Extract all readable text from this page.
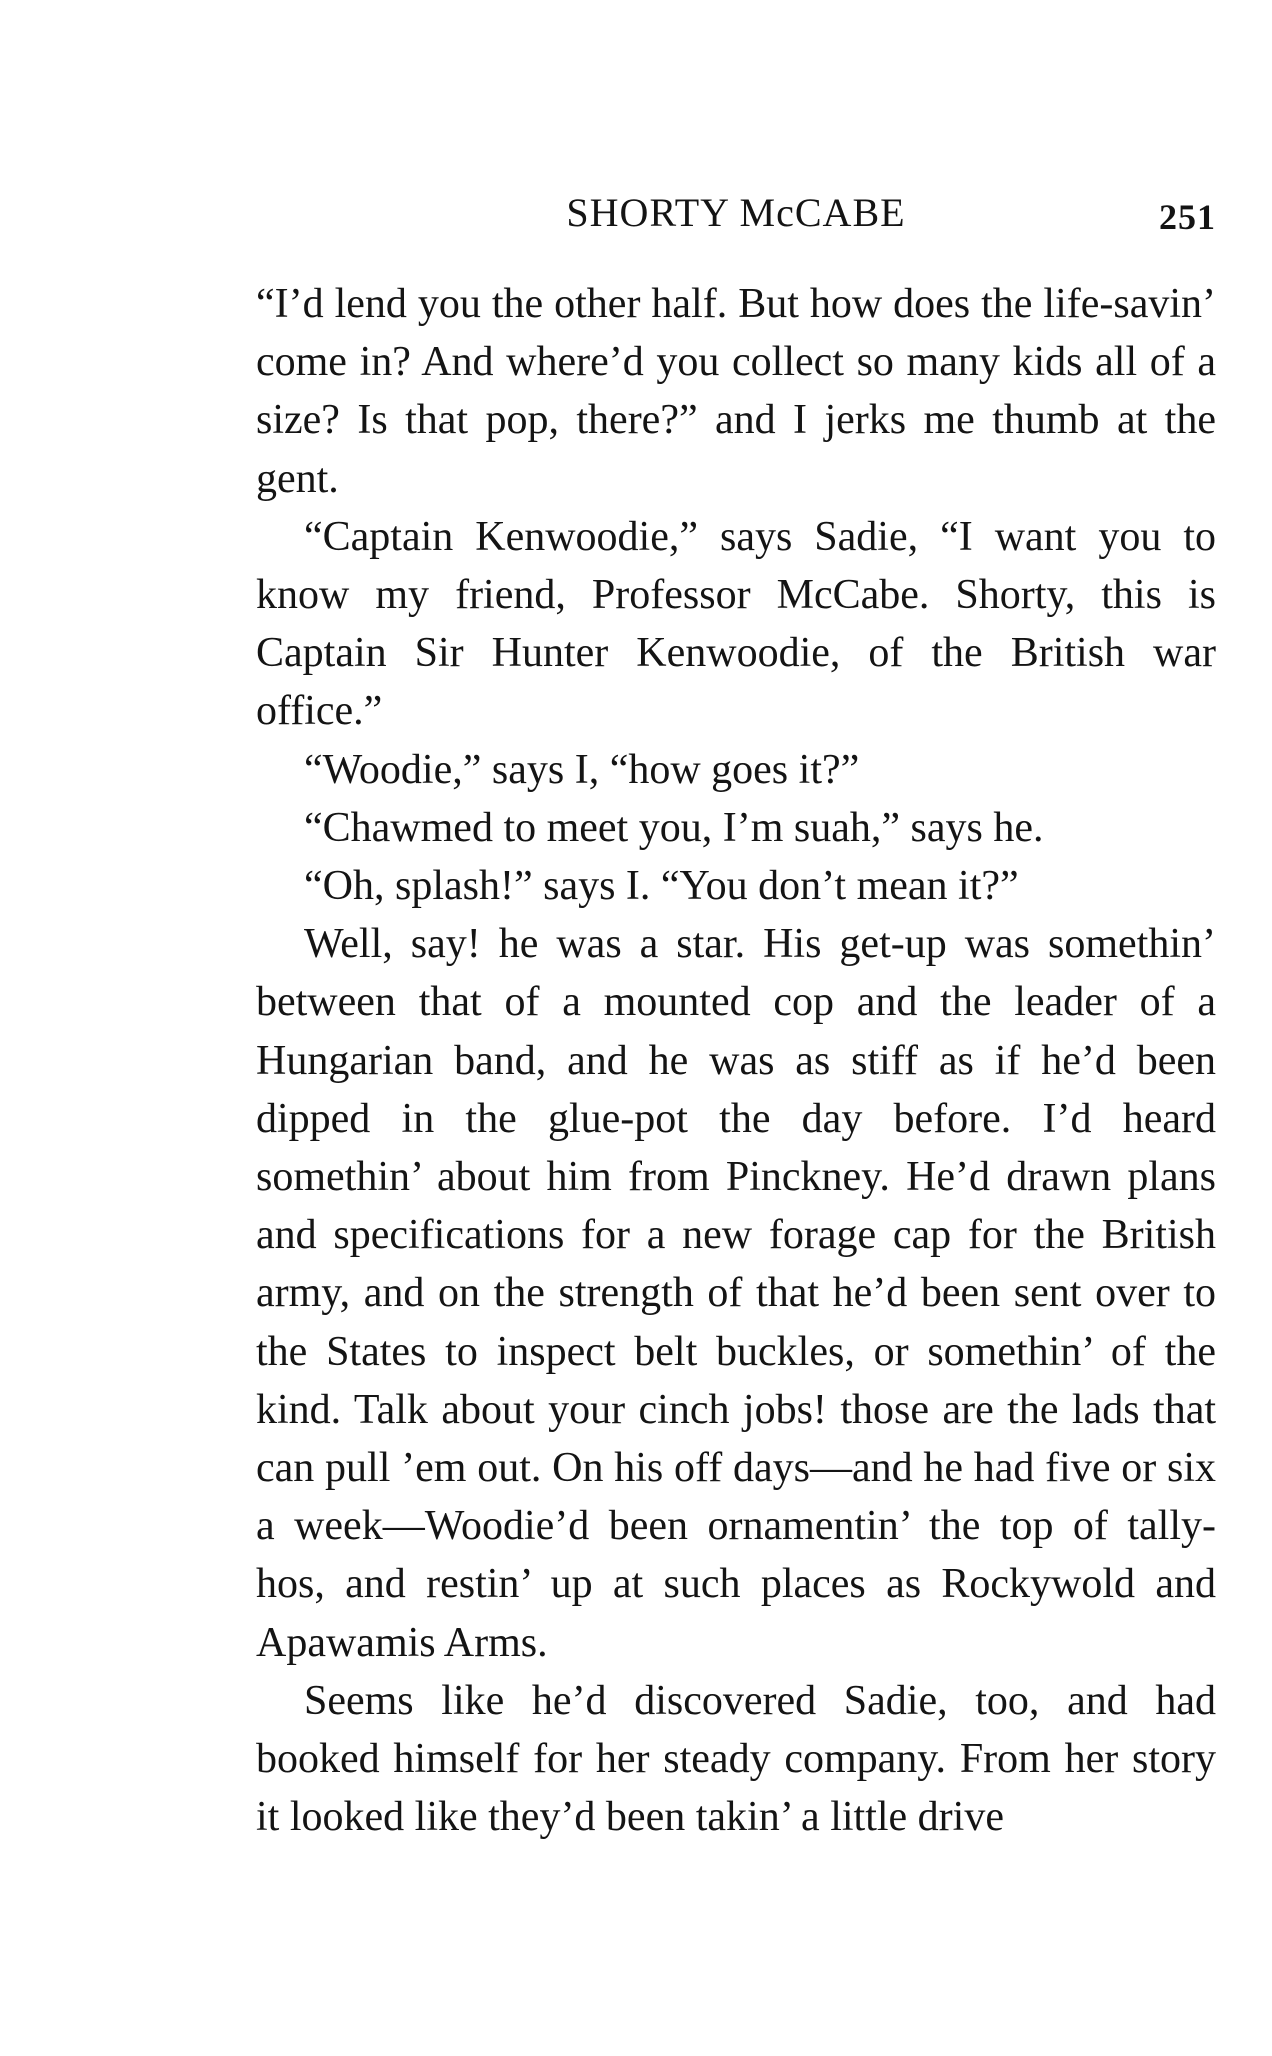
SHORTY McCABE	251

“I’d lend you the other half. But how does the life-savin’ come in? And where’d you collect so many kids all of a size? Is that pop, there?” and I jerks me thumb at the gent.

“Captain Kenwoodie,” says Sadie, “I want you to know my friend, Professor McCabe. Shorty, this is Captain Sir Hunter Kenwoodie, of the British war office.”

“Woodie,” says I, “how goes it?”

“Chawmed to meet you, I’m suah,” says he.

“Oh, splash!” says I. “You don’t mean it?”

Well, say! he was a star. His get-up was somethin’ between that of a mounted cop and the leader of a Hungarian band, and he was as stiff as if he’d been dipped in the glue-pot the day before. I’d heard somethin’ about him from Pinckney. He’d drawn plans and specifications for a new forage cap for the British army, and on the strength of that he’d been sent over to the States to inspect belt buckles, or somethin’ of the kind. Talk about your cinch jobs! those are the lads that can pull ’em out. On his off days—and he had five or six a week—Woodie’d been ornamentin’ the top of tally-hos, and restin’ up at such places as Rockywold and Apawamis Arms.

Seems like he’d discovered Sadie, too, and had booked himself for her steady company. From her story it looked like they’d been takin’ a little drive
